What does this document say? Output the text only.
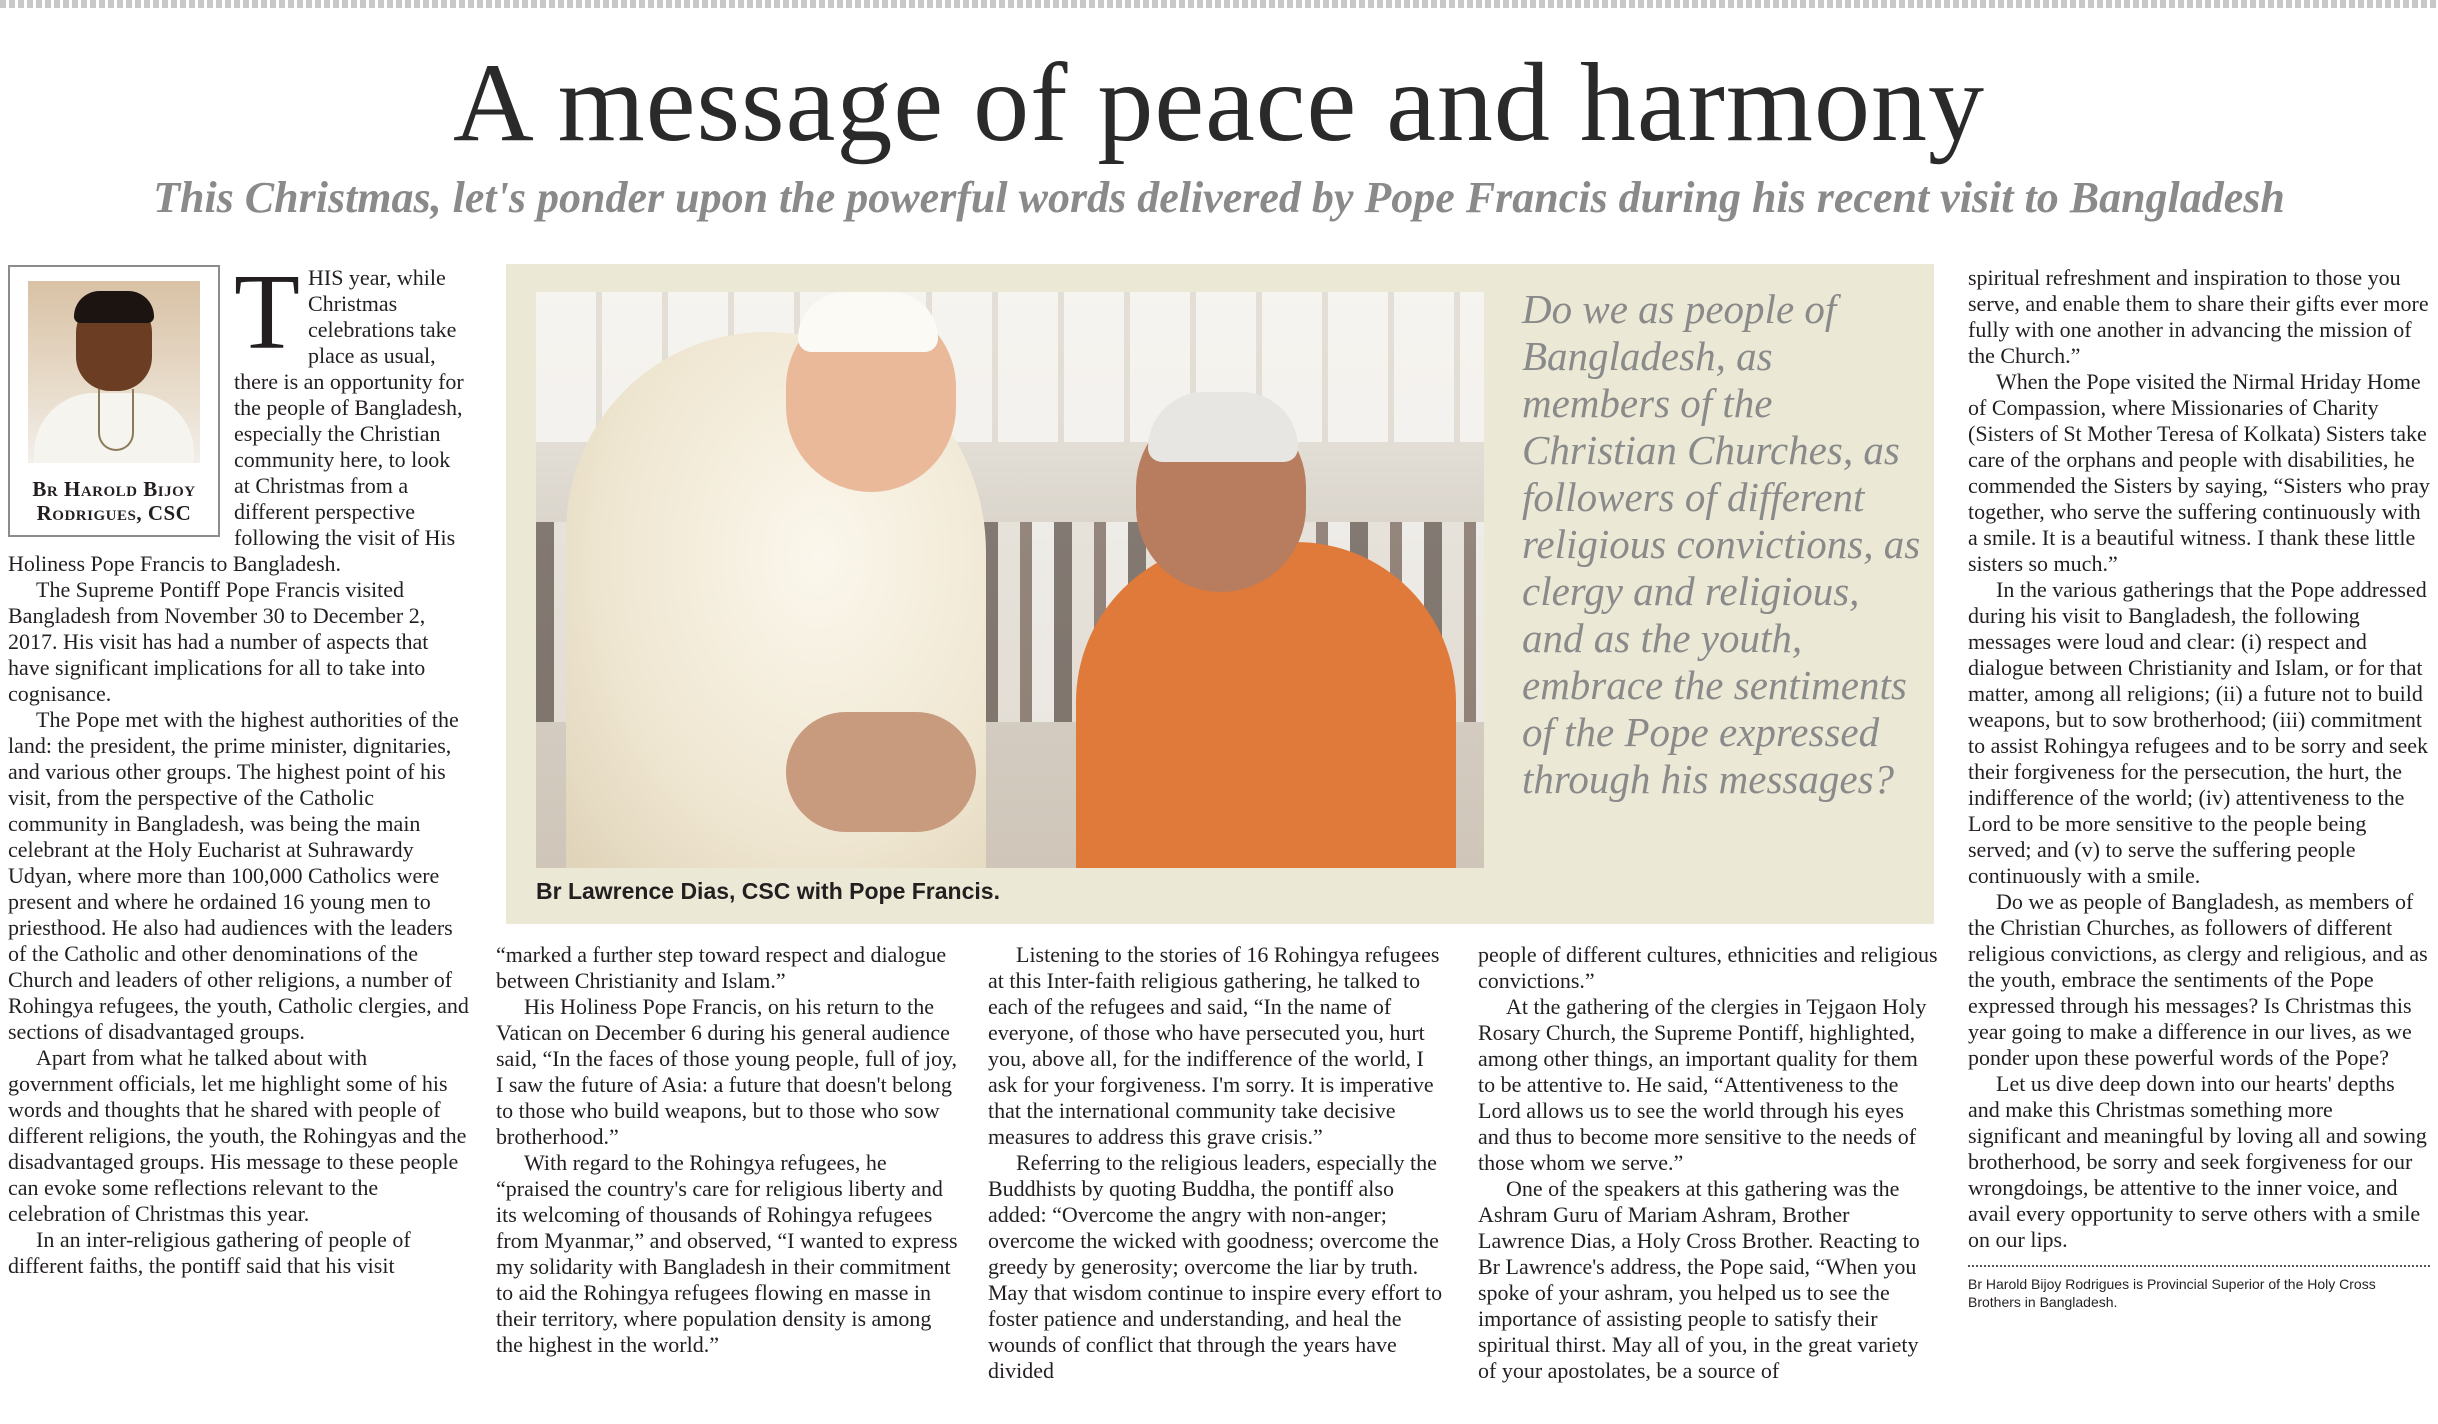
A message of peace and harmony
This Christmas, let's ponder upon the powerful words delivered by Pope Francis during his recent visit to Bangladesh
Br Harold Bijoy
Rodrigues, CSC
T HIS year, while Christmas celebrations take place as usual, there is an opportunity for the people of Bangladesh, especially the Christian community here, to look at Christmas from a different perspective following the visit of His Holiness Pope Francis to Bangladesh.

The Supreme Pontiff Pope Francis visited Bangladesh from November 30 to December 2, 2017. His visit has had a number of aspects that have significant implications for all to take into cognisance.

The Pope met with the highest authorities of the land: the president, the prime minister, dignitaries, and various other groups. The highest point of his visit, from the perspective of the Catholic community in Bangladesh, was being the main celebrant at the Holy Eucharist at Suhrawardy Udyan, where more than 100,000 Catholics were present and where he ordained 16 young men to priesthood. He also had audiences with the leaders of the Catholic and other denominations of the Church and leaders of other religions, a number of Rohingya refugees, the youth, Catholic clergies, and sections of disadvantaged groups.

Apart from what he talked about with government officials, let me highlight some of his words and thoughts that he shared with people of different religions, the youth, the Rohingyas and the disadvantaged groups. His message to these people can evoke some reflections relevant to the celebration of Christmas this year.

In an inter-religious gathering of people of different faiths, the pontiff said that his visit

Br Lawrence Dias, CSC with Pope Francis.
Do we as people of Bangladesh, as members of the Christian Churches, as followers of different religious convictions, as clergy and religious, and as the youth, embrace the sentiments of the Pope expressed through his messages?

“marked a further step toward respect and dialogue between Christianity and Islam.”

His Holiness Pope Francis, on his return to the Vatican on December 6 during his general audience said, “In the faces of those young people, full of joy, I saw the future of Asia: a future that doesn't belong to those who build weapons, but to those who sow brotherhood.”

With regard to the Rohingya refugees, he “praised the country's care for religious liberty and its welcoming of thousands of Rohingya refugees from Myanmar,” and observed, “I wanted to express my solidarity with Bangladesh in their commitment to aid the Rohingya refugees flowing en masse in their territory, where population density is among the highest in the world.”

Listening to the stories of 16 Rohingya refugees at this Inter-faith religious gathering, he talked to each of the refugees and said, “In the name of everyone, of those who have persecuted you, hurt you, above all, for the indifference of the world, I ask for your forgiveness. I'm sorry. It is imperative that the international community take decisive measures to address this grave crisis.”

Referring to the religious leaders, especially the Buddhists by quoting Buddha, the pontiff also added: “Overcome the angry with non-anger; overcome the wicked with goodness; overcome the greedy by generosity; overcome the liar by truth. May that wisdom continue to inspire every effort to foster patience and understanding, and heal the wounds of conflict that through the years have divided

people of different cultures, ethnicities and religious convictions.”

At the gathering of the clergies in Tejgaon Holy Rosary Church, the Supreme Pontiff, highlighted, among other things, an important quality for them to be attentive to. He said, “Attentiveness to the Lord allows us to see the world through his eyes and thus to become more sensitive to the needs of those whom we serve.”

One of the speakers at this gathering was the Ashram Guru of Mariam Ashram, Brother Lawrence Dias, a Holy Cross Brother. Reacting to Br Lawrence's address, the Pope said, “When you spoke of your ashram, you helped us to see the importance of assisting people to satisfy their spiritual thirst. May all of you, in the great variety of your apostolates, be a source of

spiritual refreshment and inspiration to those you serve, and enable them to share their gifts ever more fully with one another in advancing the mission of the Church.”

When the Pope visited the Nirmal Hriday Home of Compassion, where Missionaries of Charity (Sisters of St Mother Teresa of Kolkata) Sisters take care of the orphans and people with disabilities, he commended the Sisters by saying, “Sisters who pray together, who serve the suffering continuously with a smile. It is a beautiful witness. I thank these little sisters so much.”

In the various gatherings that the Pope addressed during his visit to Bangladesh, the following messages were loud and clear: (i) respect and dialogue between Christianity and Islam, or for that matter, among all religions; (ii) a future not to build weapons, but to sow brotherhood; (iii) commitment to assist Rohingya refugees and to be sorry and seek their forgiveness for the persecution, the hurt, the indifference of the world; (iv) attentiveness to the Lord to be more sensitive to the people being served; and (v) to serve the suffering people continuously with a smile.

Do we as people of Bangladesh, as members of the Christian Churches, as followers of different religious convictions, as clergy and religious, and as the youth, embrace the sentiments of the Pope expressed through his messages? Is Christmas this year going to make a difference in our lives, as we ponder upon these powerful words of the Pope?

Let us dive deep down into our hearts' depths and make this Christmas something more significant and meaningful by loving all and sowing brotherhood, be sorry and seek forgiveness for our wrongdoings, be attentive to the inner voice, and avail every opportunity to serve others with a smile on our lips.

Br Harold Bijoy Rodrigues is Provincial Superior of the Holy Cross Brothers in Bangladesh.
